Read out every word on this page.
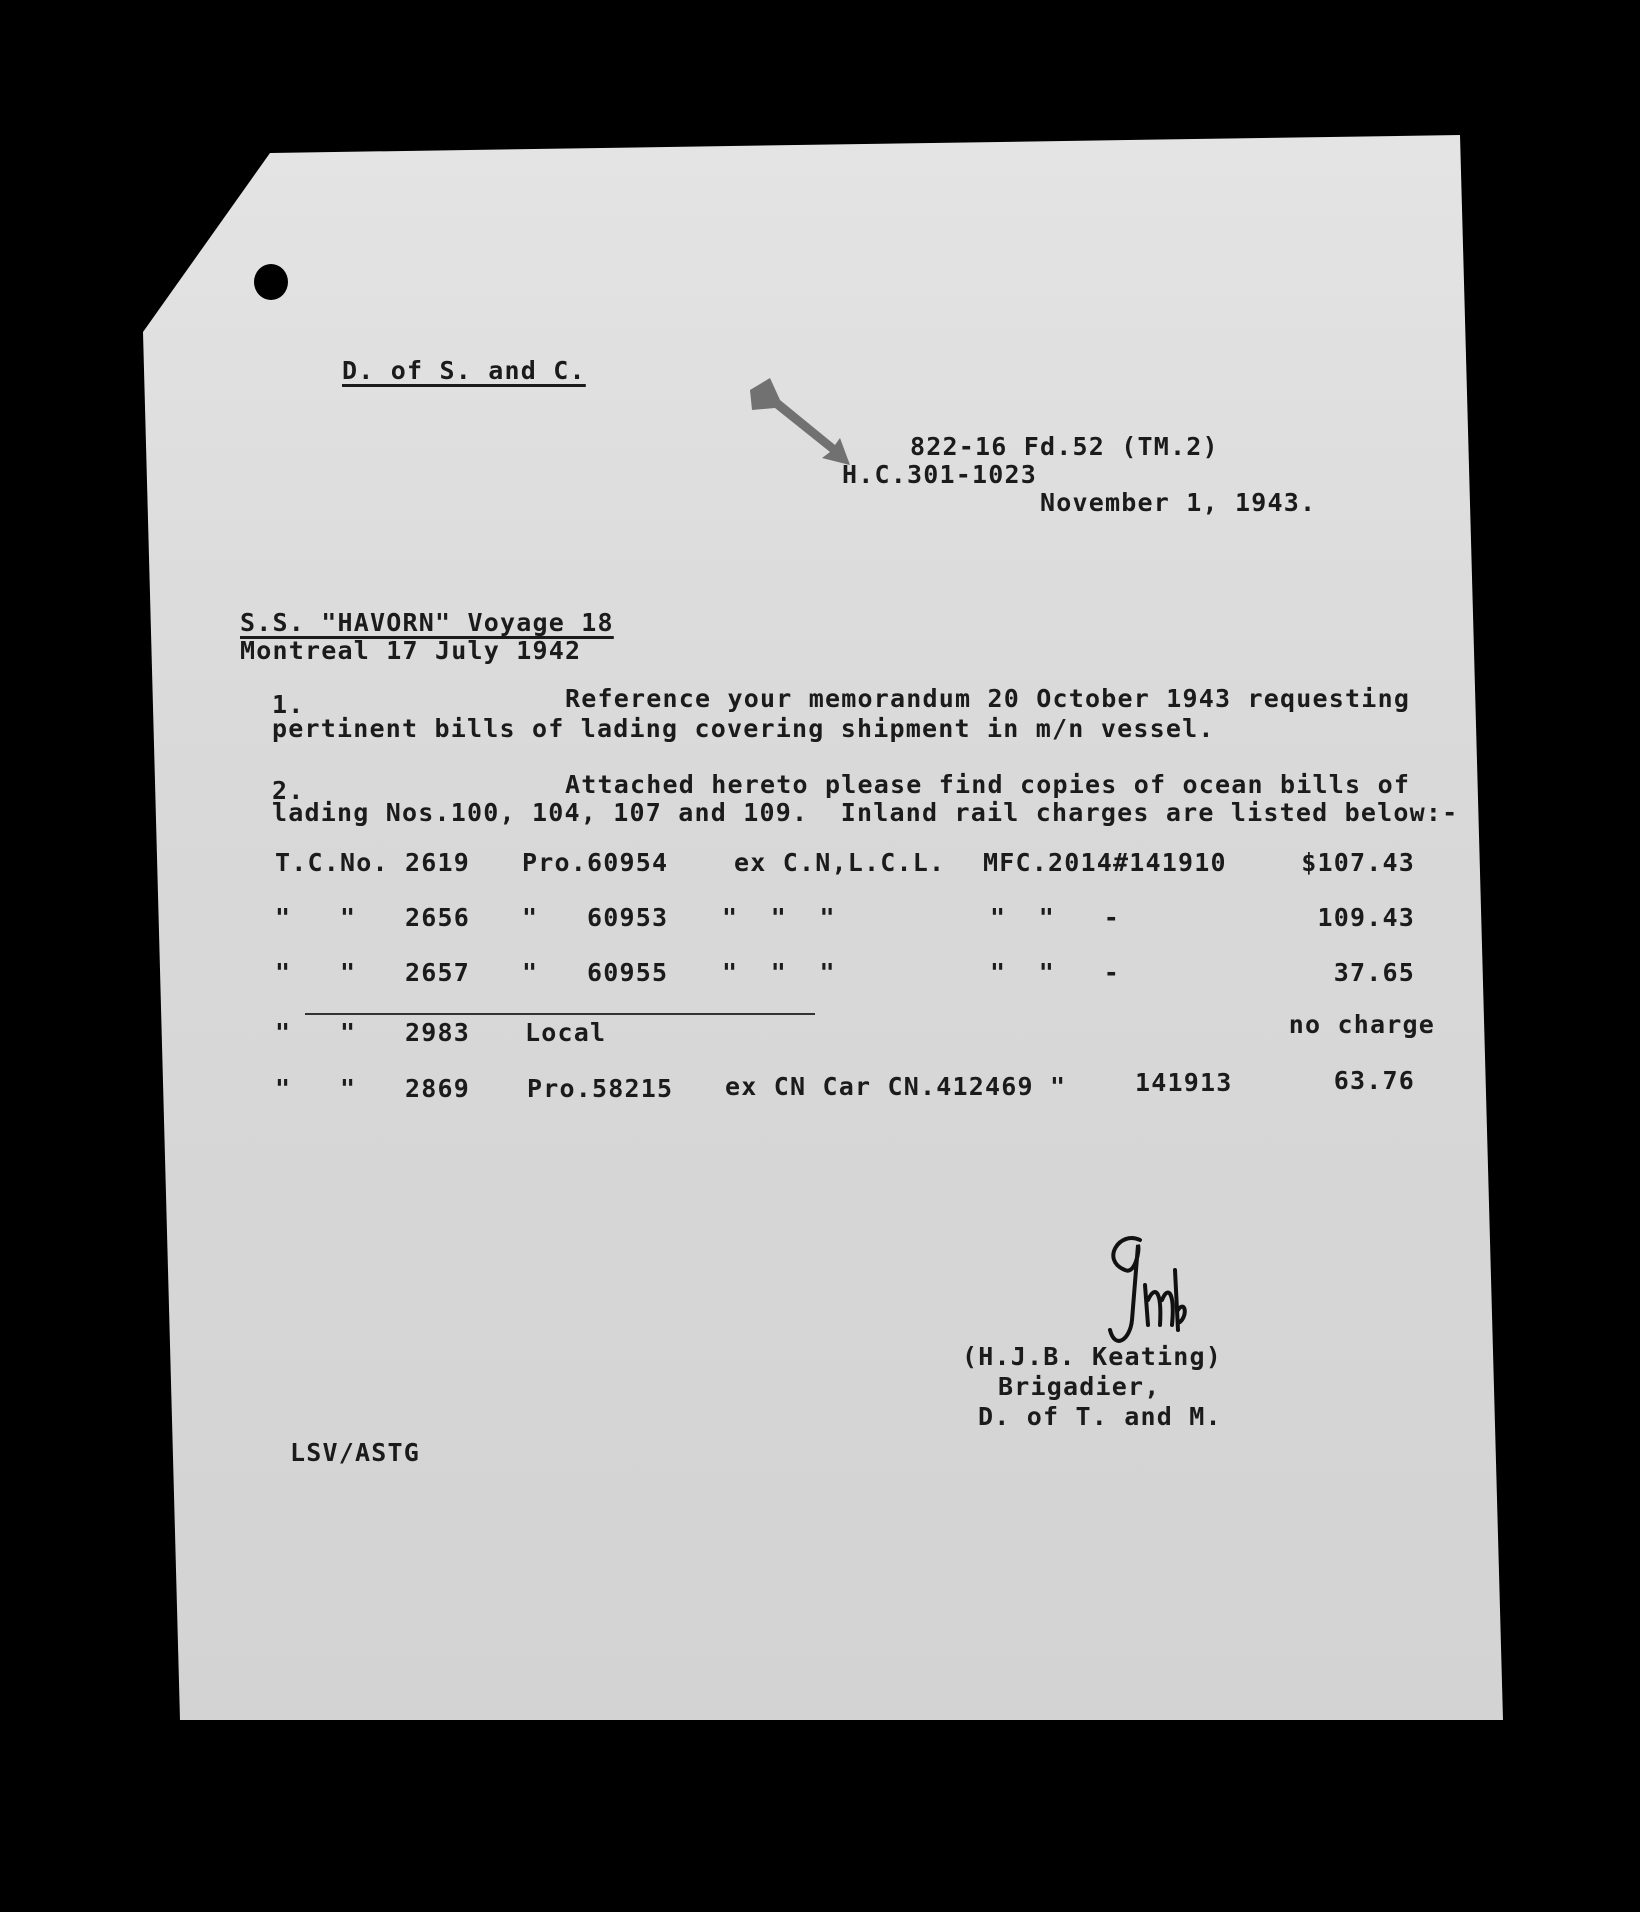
D. of S. and C.
822-16 Fd.52 (TM.2)
H.C.301-1023
November 1, 1943.
S.S. "HAVORN" Voyage 18
Montreal 17 July 1942
1.	Reference your memorandum 20 October 1943 requesting
pertinent bills of lading covering shipment in m/n vessel.
2.	Attached hereto please find copies of ocean bills of
lading Nos.100, 104, 107 and 109.  Inland rail charges are listed below:-
T.C.No. 2619 Pro.60954	ex C.N,L.C.L. MFC.2014#141910	$107.43
" " 2656 "   60953 "  "  "	"  "   -	109.43
" " 2657 "   60955 "  "  "	"  "   -	37.65
" " 2983 Local	no charge
" " 2869 Pro.58215 ex CN Car CN.412469 "	141913	63.76
(H.J.B. Keating)
Brigadier,
D. of T. and M.
LSV/ASTG
